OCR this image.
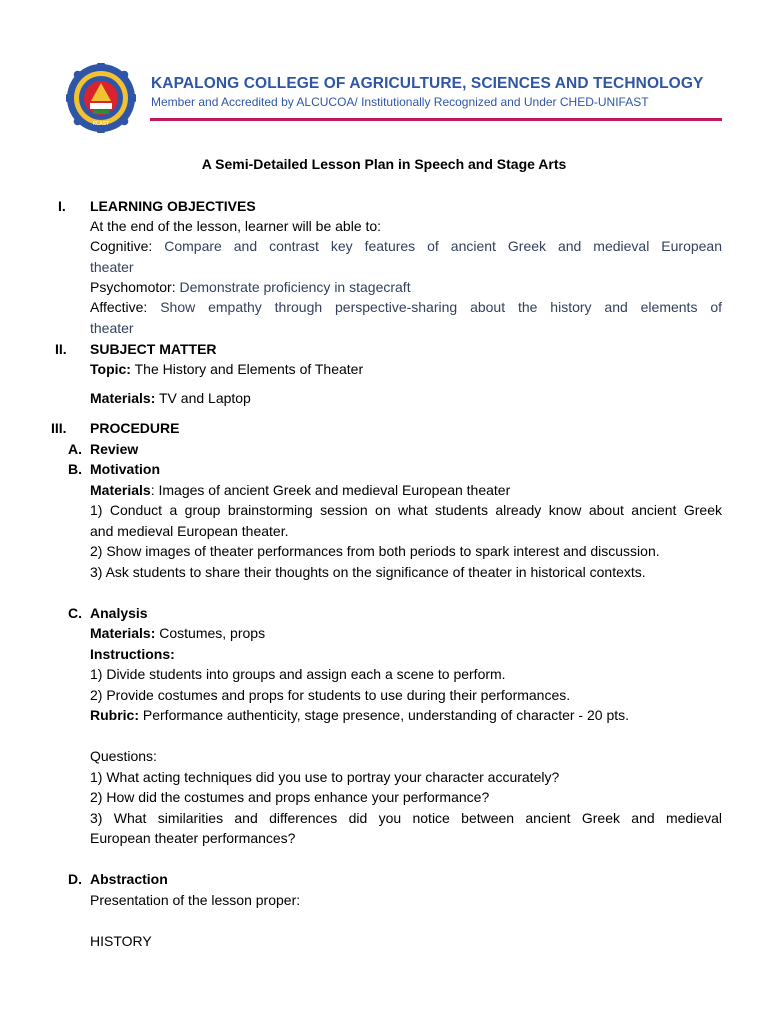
KCAST
KAPALONG COLLEGE OF AGRICULTURE, SCIENCES AND TECHNOLOGY
Member and Accredited by ALCUCOA/ Institutionally Recognized and Under CHED-UNIFAST
A Semi-Detailed Lesson Plan in Speech and Stage Arts
I. LEARNING OBJECTIVES
At the end of the lesson, learner will be able to:
Cognitive: Compare and contrast key features of ancient Greek and medieval European
theater
Psychomotor: Demonstrate proficiency in stagecraft
Affective: Show empathy through perspective-sharing about the history and elements of
theater
II. SUBJECT MATTER
Topic: The History and Elements of Theater
Materials: TV and Laptop
III. PROCEDURE
A. Review
B. Motivation
Materials: Images of ancient Greek and medieval European theater
1) Conduct a group brainstorming session on what students already know about ancient Greek
and medieval European theater.
2) Show images of theater performances from both periods to spark interest and discussion.
3) Ask students to share their thoughts on the significance of theater in historical contexts.
C. Analysis
Materials: Costumes, props
Instructions:
1) Divide students into groups and assign each a scene to perform.
2) Provide costumes and props for students to use during their performances.
Rubric: Performance authenticity, stage presence, understanding of character - 20 pts.
Questions:
1) What acting techniques did you use to portray your character accurately?
2) How did the costumes and props enhance your performance?
3) What similarities and differences did you notice between ancient Greek and medieval
European theater performances?
D. Abstraction
Presentation of the lesson proper:
HISTORY
